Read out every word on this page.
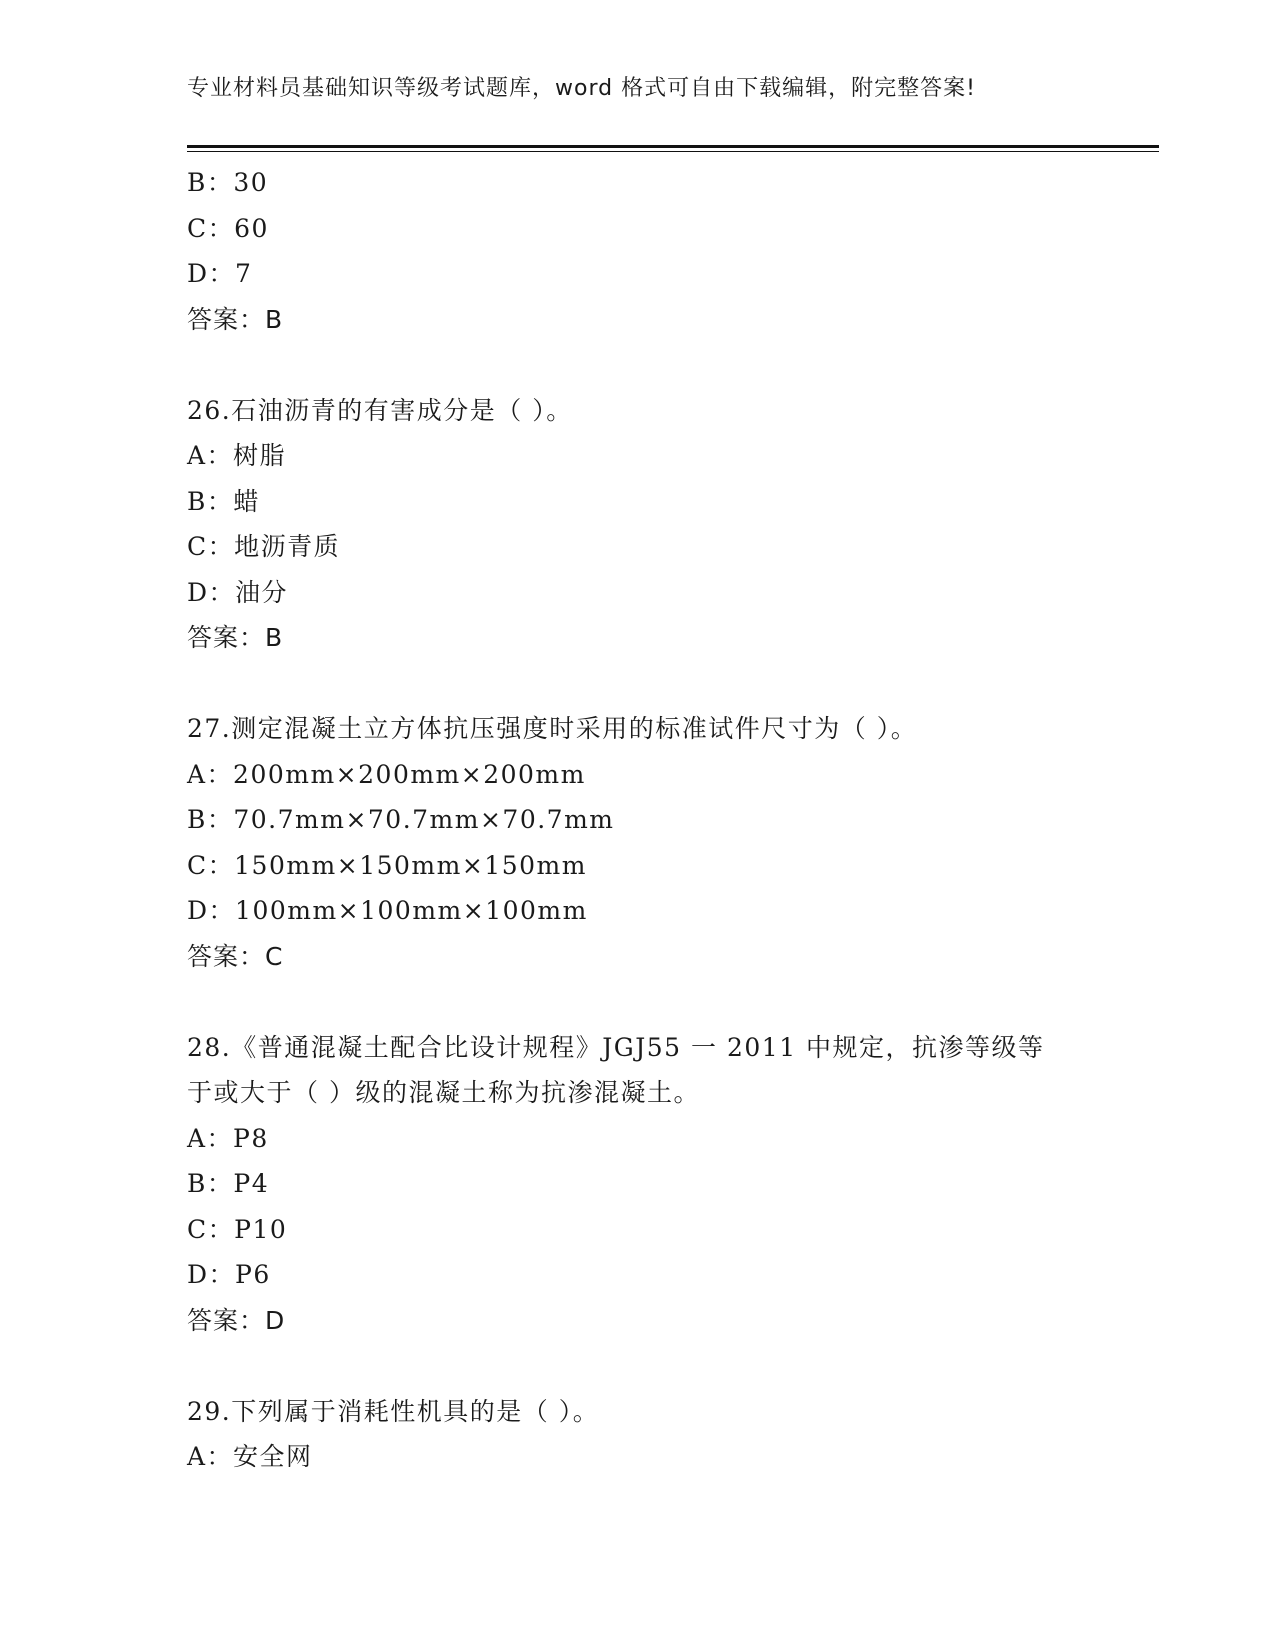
专业材料员基础知识等级考试题库，word 格式可自由下载编辑，附完整答案!
B：30
C：60
D：7
答案：B
26.石油沥青的有害成分是（ ）。
A：树脂
B：蜡
C：地沥青质
D：油分
答案：B
27.测定混凝土立方体抗压强度时采用的标准试件尺寸为（ ）。
A：200mm×200mm×200mm
B：70.7mm×70.7mm×70.7mm
C：150mm×150mm×150mm
D：100mm×100mm×100mm
答案：C
28.《普通混凝土配合比设计规程》JGJ55 一 2011 中规定，抗渗等级等
于或大于（ ）级的混凝土称为抗渗混凝土。
A：P8
B：P4
C：P10
D：P6
答案：D
29.下列属于消耗性机具的是（ ）。
A：安全网
